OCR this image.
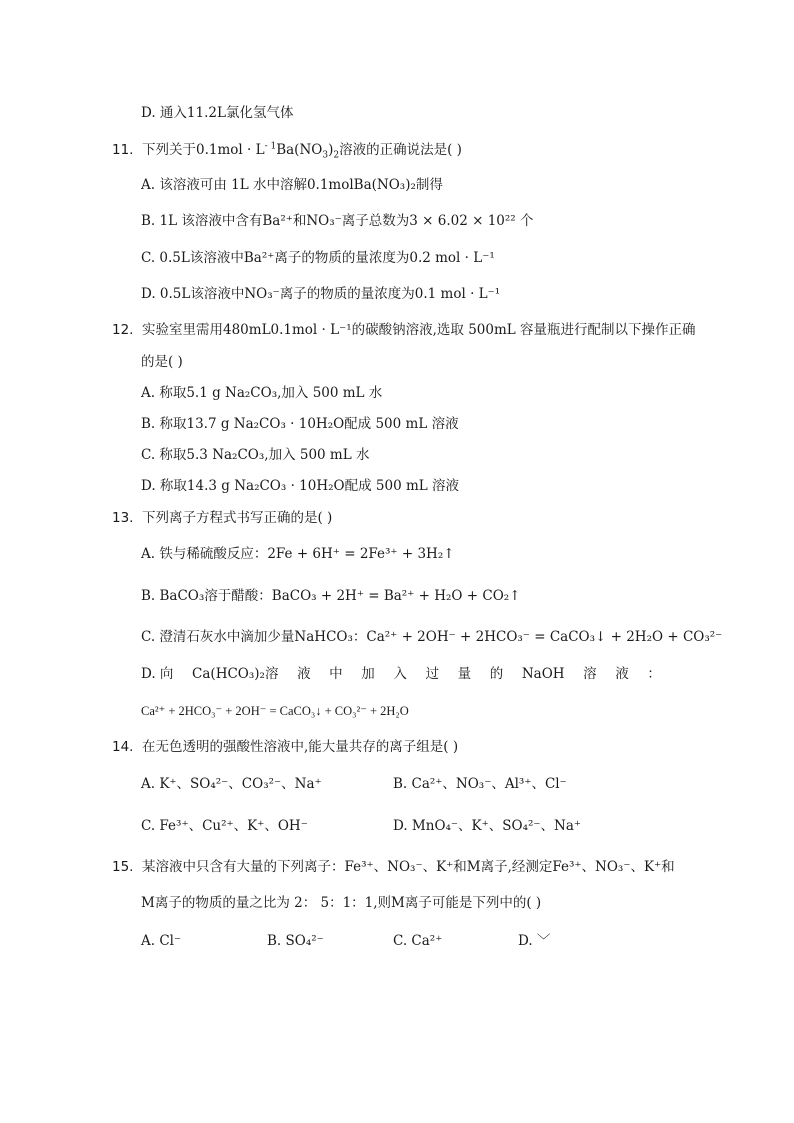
D. 通入11.2L氯化氢气体
11. 下列关于$0.1mol \cdot L^{- 1}Ba(NO_3)_2$溶液的正确说法是( )
A. 该溶液可由 1L 水中溶解0.1molBa(NO₃)₂制得
B. 1L 该溶液中含有Ba²⁺和NO₃⁻离子总数为3 × 6.02 × 10²² 个
C. 0.5L该溶液中Ba²⁺离子的物质的量浓度为0.2 mol · L⁻¹
D. 0.5L该溶液中NO₃⁻离子的物质的量浓度为0.1 mol · L⁻¹
12. 实验室里需用480mL0.1mol · L⁻¹的碳酸钠溶液,选取 500mL 容量瓶进行配制以下操作正确
的是( )
A. 称取5.1 g Na₂CO₃,加入 500 mL 水
B. 称取13.7 g Na₂CO₃ · 10H₂O配成 500 mL 溶液
C. 称取5.3 Na₂CO₃,加入 500 mL 水
D. 称取14.3 g Na₂CO₃ · 10H₂O配成 500 mL 溶液
13. 下列离子方程式书写正确的是( )
A. 铁与稀硫酸反应：2Fe + 6H⁺ = 2Fe³⁺ + 3H₂↑
B. BaCO₃溶于醋酸：BaCO₃ + 2H⁺ = Ba²⁺ + H₂O + CO₂↑
C. 澄清石灰水中滴加少量NaHCO₃：Ca²⁺ + 2OH⁻ + 2HCO₃⁻ = CaCO₃↓ + 2H₂O + CO₃²⁻
D. 向 Ca(HCO₃)₂溶 液 中 加 入 过 量 的 NaOH 溶 液 ：
Ca²⁺ + 2HCO₃⁻ + 2OH⁻ = CaCO₃↓ + CO₃²⁻ + 2H₂O
14. 在无色透明的强酸性溶液中,能大量共存的离子组是( )
A. K⁺、SO₄²⁻、CO₃²⁻、Na⁺	B. Ca²⁺、NO₃⁻、Al³⁺、Cl⁻
C. Fe³⁺、Cu²⁺、K⁺、OH⁻	D. MnO₄⁻、K⁺、SO₄²⁻、Na⁺
15. 某溶液中只含有大量的下列离子：Fe³⁺、NO₃⁻、K⁺和M离子,经测定Fe³⁺、NO₃⁻、K⁺和
M离子的物质的量之比为 2： 5：1：1,则M离子可能是下列中的( )
A. Cl⁻	B. SO₄²⁻	C. Ca²⁺	D. ﹀
